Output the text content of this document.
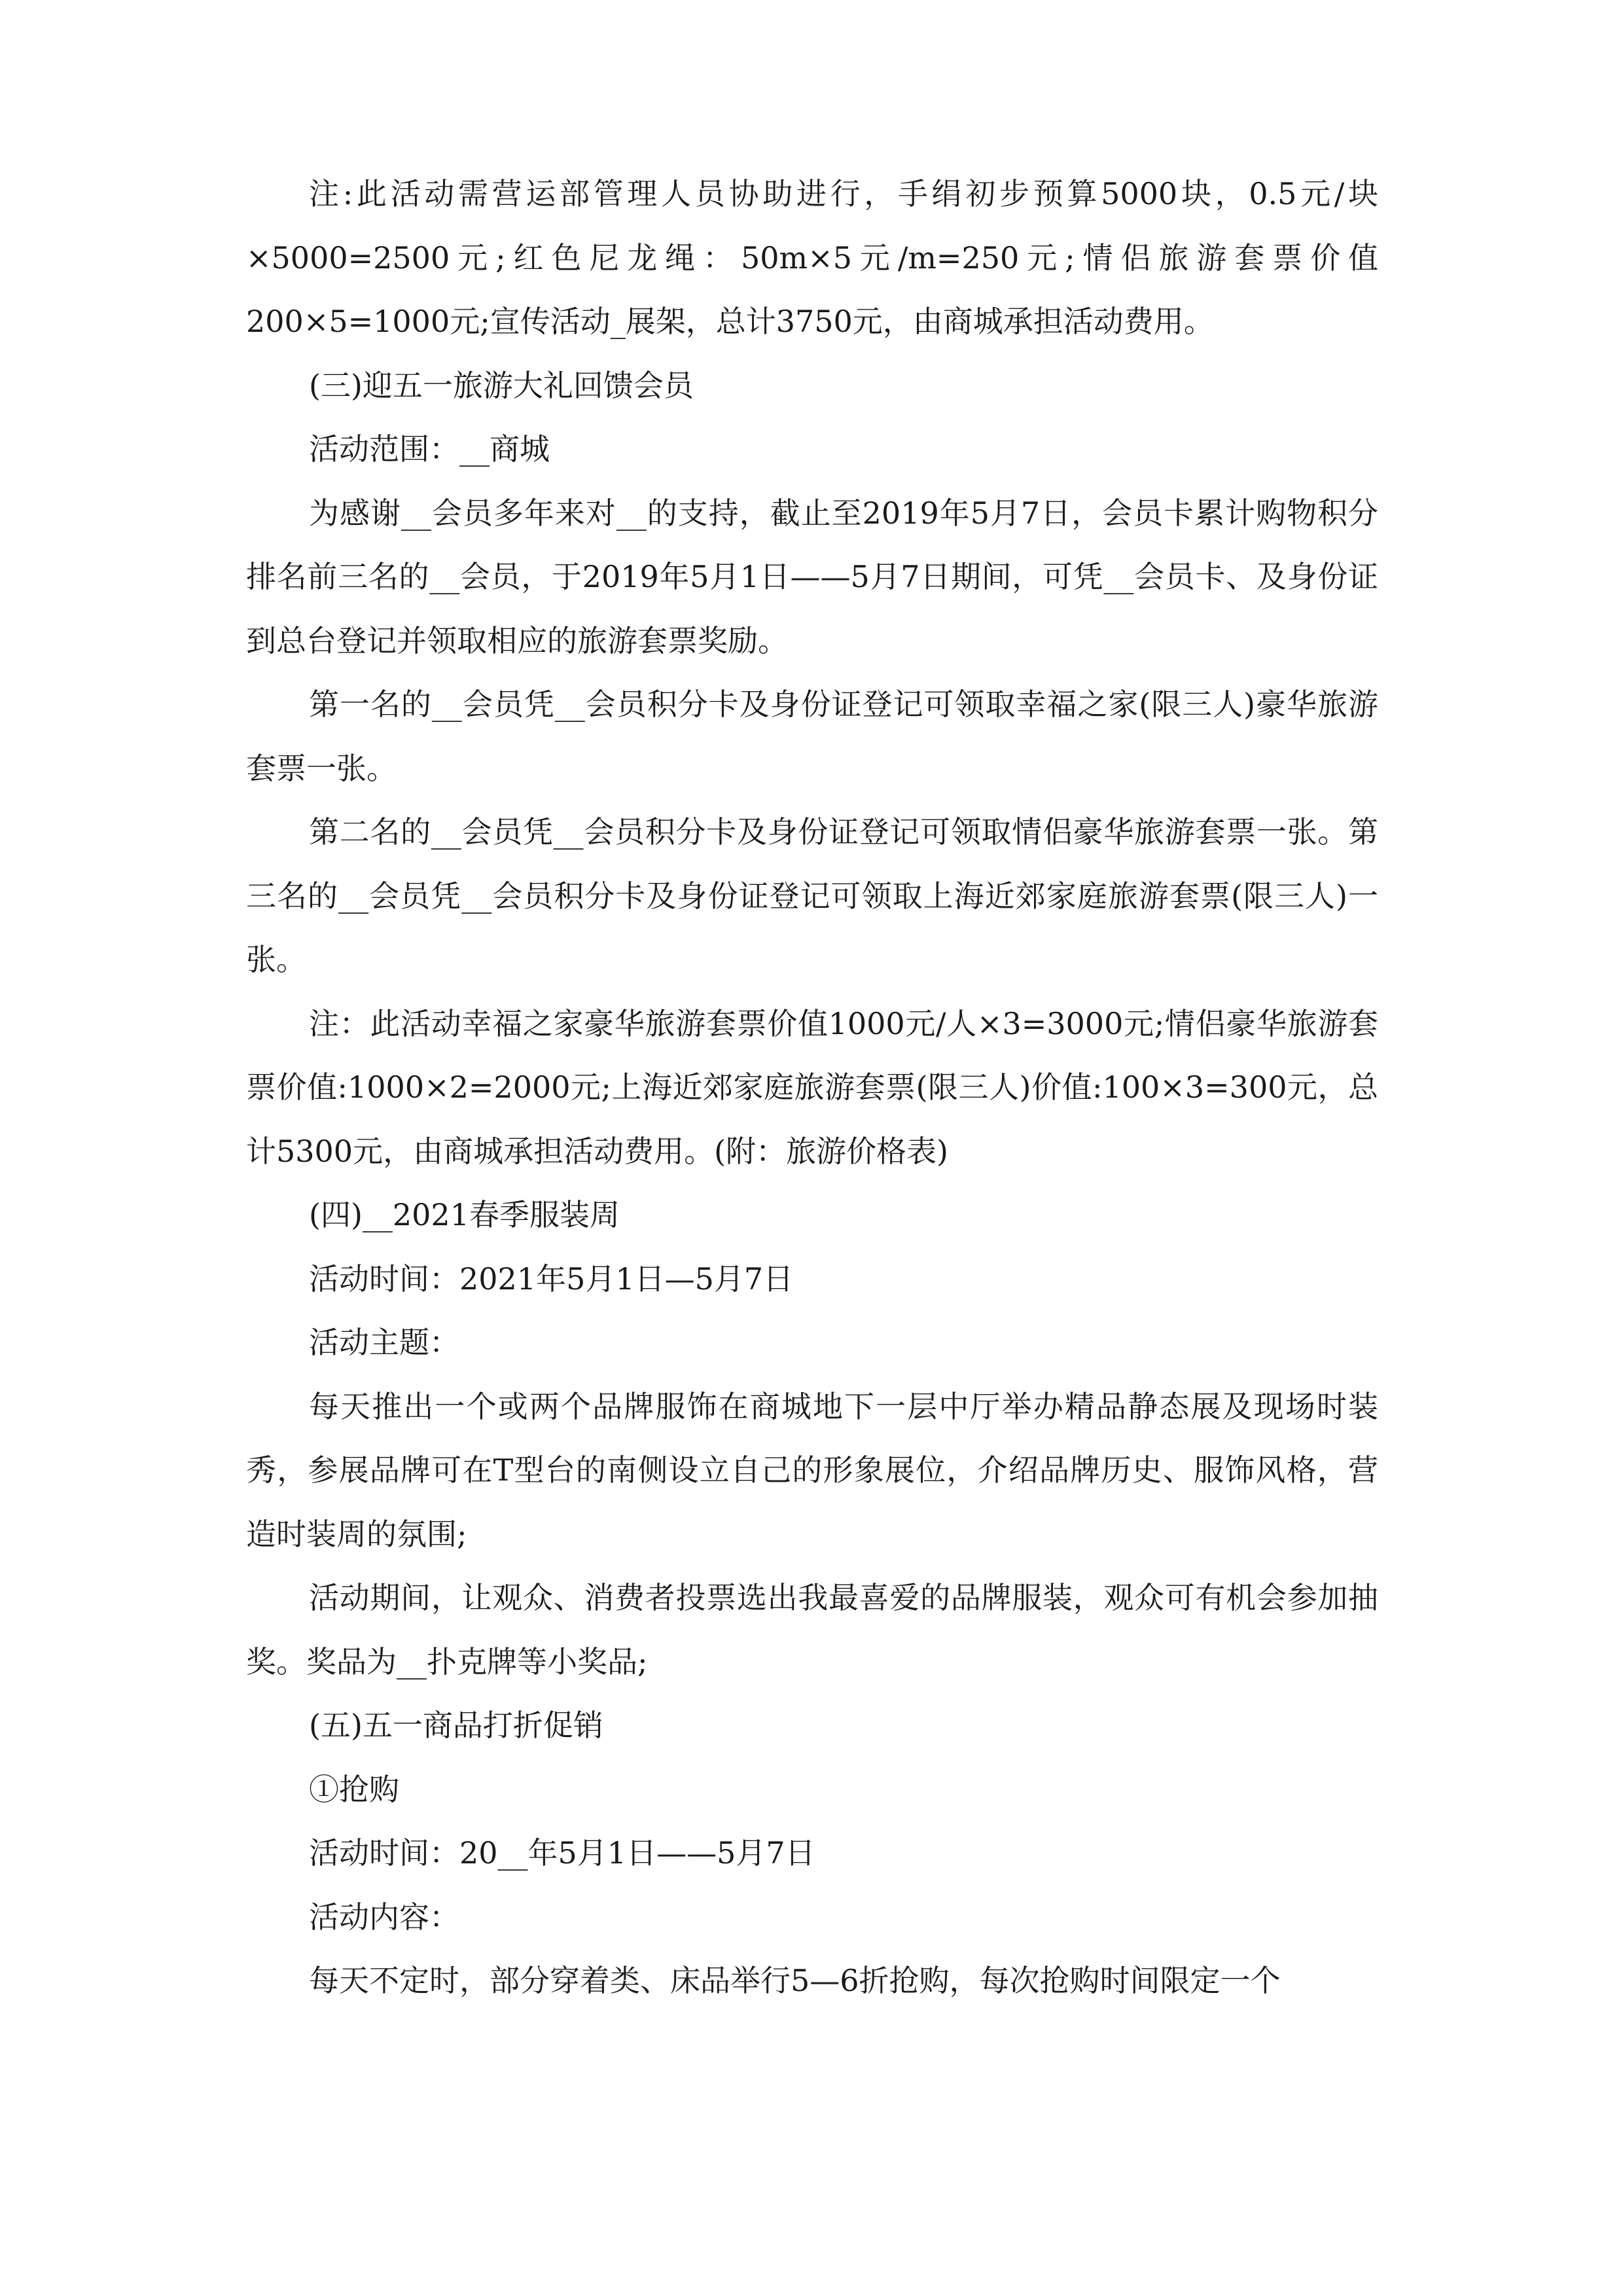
注:此活动需营运部管理人员协助进行，手绢初步预算5000块，0.5元/块×5000=2500元;红色尼龙绳：50m×5元/m=250元;情侣旅游套票价值200×5=1000元;宣传活动_展架，总计3750元，由商城承担活动费用。

(三)迎五一旅游大礼回馈会员

活动范围：__商城

为感谢__会员多年来对__的支持，截止至2019年5月7日，会员卡累计购物积分排名前三名的__会员，于2019年5月1日——5月7日期间，可凭__会员卡、及身份证到总台登记并领取相应的旅游套票奖励。

第一名的__会员凭__会员积分卡及身份证登记可领取幸福之家(限三人)豪华旅游套票一张。

第二名的__会员凭__会员积分卡及身份证登记可领取情侣豪华旅游套票一张。第三名的__会员凭__会员积分卡及身份证登记可领取上海近郊家庭旅游套票(限三人)一张。

注：此活动幸福之家豪华旅游套票价值1000元/人×3=3000元;情侣豪华旅游套票价值:1000×2=2000元;上海近郊家庭旅游套票(限三人)价值:100×3=300元，总计5300元，由商城承担活动费用。(附：旅游价格表)

(四)__2021春季服装周

活动时间：2021年5月1日—5月7日

活动主题：

每天推出一个或两个品牌服饰在商城地下一层中厅举办精品静态展及现场时装秀，参展品牌可在T型台的南侧设立自己的形象展位，介绍品牌历史、服饰风格，营造时装周的氛围;

活动期间，让观众、消费者投票选出我最喜爱的品牌服装，观众可有机会参加抽奖。奖品为__扑克牌等小奖品;

(五)五一商品打折促销

①抢购

活动时间：20__年5月1日——5月7日

活动内容：

每天不定时，部分穿着类、床品举行5—6折抢购，每次抢购时间限定一个
